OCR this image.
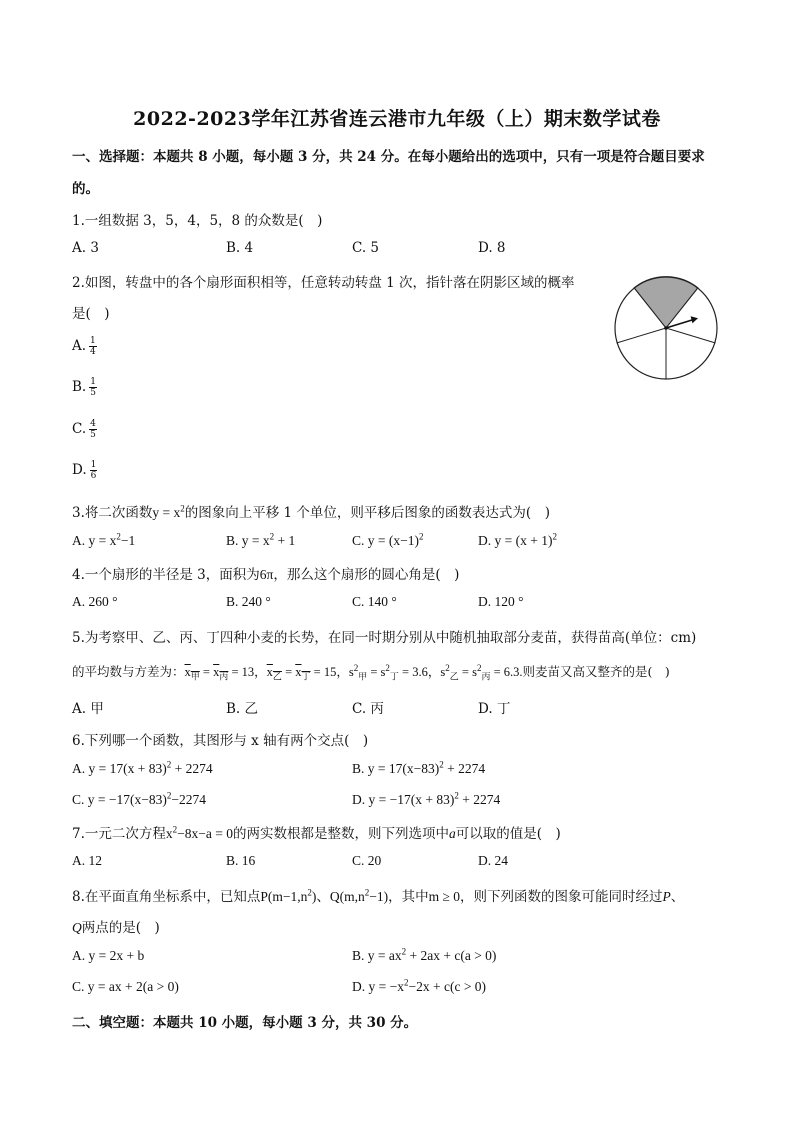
2022-2023学年江苏省连云港市九年级（上）期末数学试卷
一、选择题：本题共 8 小题，每小题 3 分，共 24 分。在每小题给出的选项中，只有一项是符合题目要求
的。
1.一组数据 3，5，4，5，8 的众数是(　)
A. 3	B. 4	C. 5	D. 8
2.如图，转盘中的各个扇形面积相等，任意转动转盘 1 次，指针落在阴影区域的概率
是(　)
A. $\frac{1}{4}$
B. $\frac{1}{5}$
C. $\frac{4}{5}$
D. $\frac{1}{6}$
3.将二次函数$y = x^2$的图象向上平移 1 个单位，则平移后图象的函数表达式为(　)
A. $y = x^2-1$	B. $y = x^2 + 1$	C. $y = (x-1)^2$	D. $y = (x + 1)^2$
4.一个扇形的半径是 3，面积为6π，那么这个扇形的圆心角是(　)
A. 260 °	B. 240 °	C. 140 °	D. 120 °
5.为考察甲、乙、丙、丁四种小麦的长势，在同一时期分别从中随机抽取部分麦苗，获得苗高(单位：cm)
的平均数与方差为：$x_甲 = x_丙 = 13$，$x_乙 = x_丁 = 15$，$s^2_甲 = s^2_丁 = 3.6$，$s^2_乙 = s^2_丙 = 6.3$.则麦苗又高又整齐的是(　)
A. 甲	B. 乙	C. 丙	D. 丁
6.下列哪一个函数，其图形与 x 轴有两个交点(　)
A. $y = 17(x + 83)^2 + 2274$	B. $y = 17(x-83)^2 + 2274$
C. $y = -17(x-83)^2-2274$	D. $y = -17(x + 83)^2 + 2274$
7.一元二次方程$x^2-8x-a = 0$的两实数根都是整数，则下列选项中a可以取的值是(　)
A. 12	B. 16	C. 20	D. 24
8.在平面直角坐标系中，已知点$P(m-1,n^2)$、$Q(m,n^2-1)$，其中m ≥ 0，则下列函数的图象可能同时经过P、
Q两点的是(　)
A. y = 2x + b	B. $y = ax^2 + 2ax + c(a > 0)$
C. y = ax + 2(a > 0)	D. $y = -x^2-2x + c(c > 0)$
二、填空题：本题共 10 小题，每小题 3 分，共 30 分。
